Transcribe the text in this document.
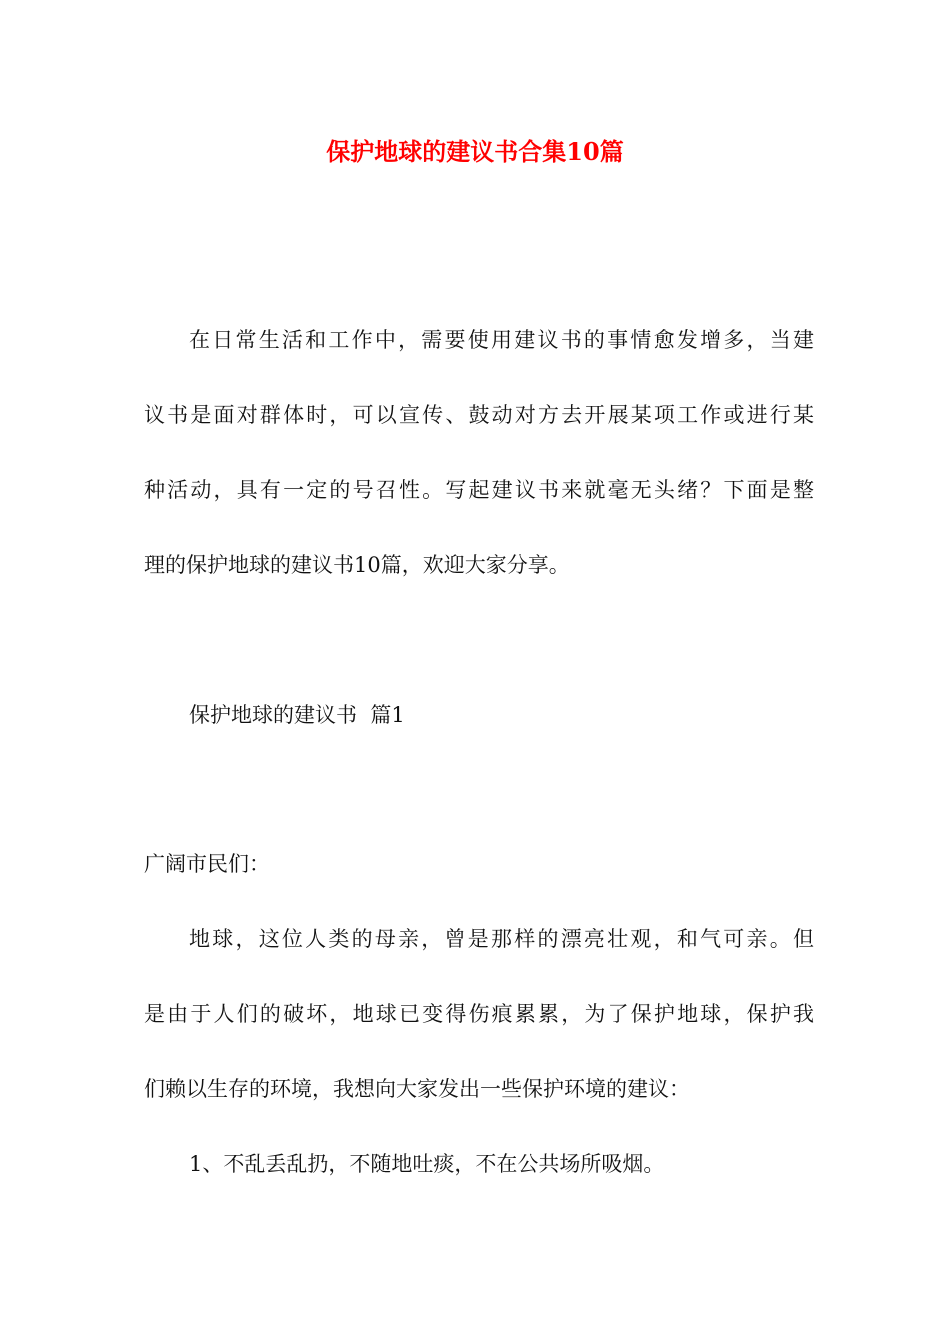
保护地球的建议书合集10篇

在日常生活和工作中，需要使用建议书的事情愈发增多，当建

议书是面对群体时，可以宣传、鼓动对方去开展某项工作或进行某

种活动，具有一定的号召性。写起建议书来就毫无头绪？下面是整

理的保护地球的建议书10篇，欢迎大家分享。

保护地球的建议书  篇1

广阔市民们：

地球，这位人类的母亲，曾是那样的漂亮壮观，和气可亲。但

是由于人们的破坏，地球已变得伤痕累累，为了保护地球，保护我

们赖以生存的环境，我想向大家发出一些保护环境的建议：

1、不乱丢乱扔，不随地吐痰，不在公共场所吸烟。
